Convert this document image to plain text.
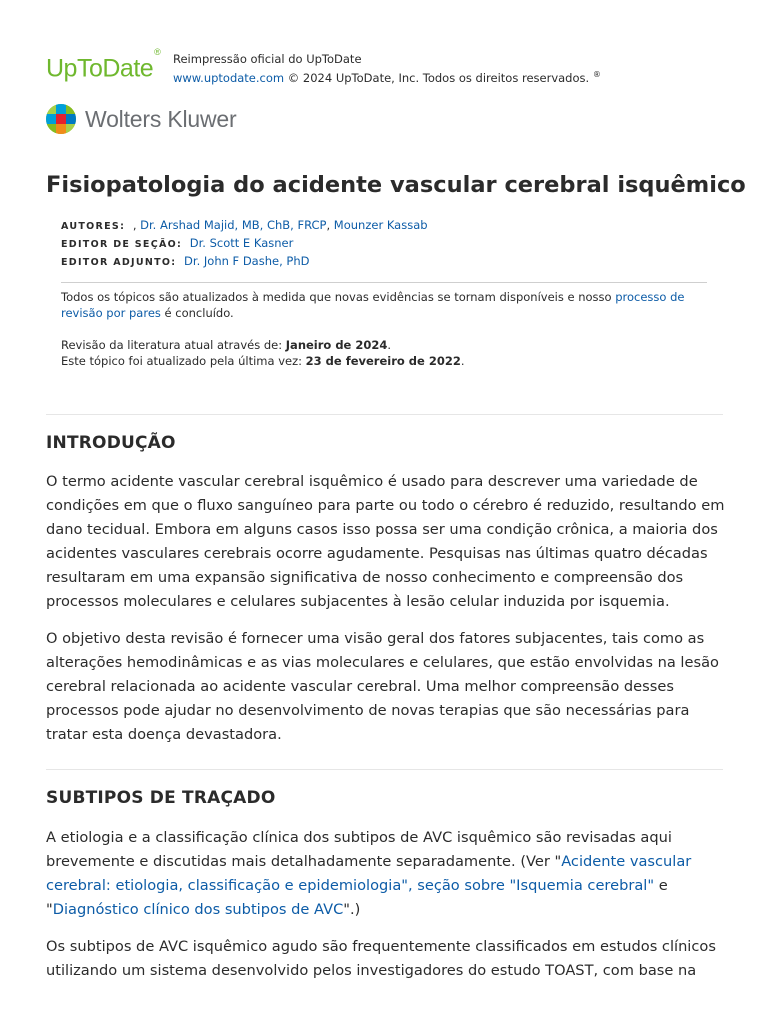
UpToDate® Reimpressão oficial do UpToDate
www.uptodate.com © 2024 UpToDate, Inc. Todos os direitos reservados. ®
Wolters Kluwer
Fisiopatologia do acidente vascular cerebral isquêmico
AUTORES: , Dr. Arshad Majid, MB, ChB, FRCP, Mounzer Kassab
EDITOR DE SEÇÃO: Dr. Scott E Kasner
EDITOR ADJUNTO: Dr. John F Dashe, PhD
Todos os tópicos são atualizados à medida que novas evidências se tornam disponíveis e nosso processo de revisão por pares é concluído.
Revisão da literatura atual através de: Janeiro de 2024.
Este tópico foi atualizado pela última vez: 23 de fevereiro de 2022.
INTRODUÇÃO

O termo acidente vascular cerebral isquêmico é usado para descrever uma variedade de condições em que o fluxo sanguíneo para parte ou todo o cérebro é reduzido, resultando em dano tecidual. Embora em alguns casos isso possa ser uma condição crônica, a maioria dos acidentes vasculares cerebrais ocorre agudamente. Pesquisas nas últimas quatro décadas resultaram em uma expansão significativa de nosso conhecimento e compreensão dos processos moleculares e celulares subjacentes à lesão celular induzida por isquemia.

O objetivo desta revisão é fornecer uma visão geral dos fatores subjacentes, tais como as alterações hemodinâmicas e as vias moleculares e celulares, que estão envolvidas na lesão cerebral relacionada ao acidente vascular cerebral. Uma melhor compreensão desses processos pode ajudar no desenvolvimento de novas terapias que são necessárias para tratar esta doença devastadora.

SUBTIPOS DE TRAÇADO

A etiologia e a classificação clínica dos subtipos de AVC isquêmico são revisadas aqui brevemente e discutidas mais detalhadamente separadamente. (Ver "Acidente vascular cerebral: etiologia, classificação e epidemiologia", seção sobre "Isquemia cerebral" e "Diagnóstico clínico dos subtipos de AVC".)

Os subtipos de AVC isquêmico agudo são frequentemente classificados em estudos clínicos utilizando um sistema desenvolvido pelos investigadores do estudo TOAST, com base na
